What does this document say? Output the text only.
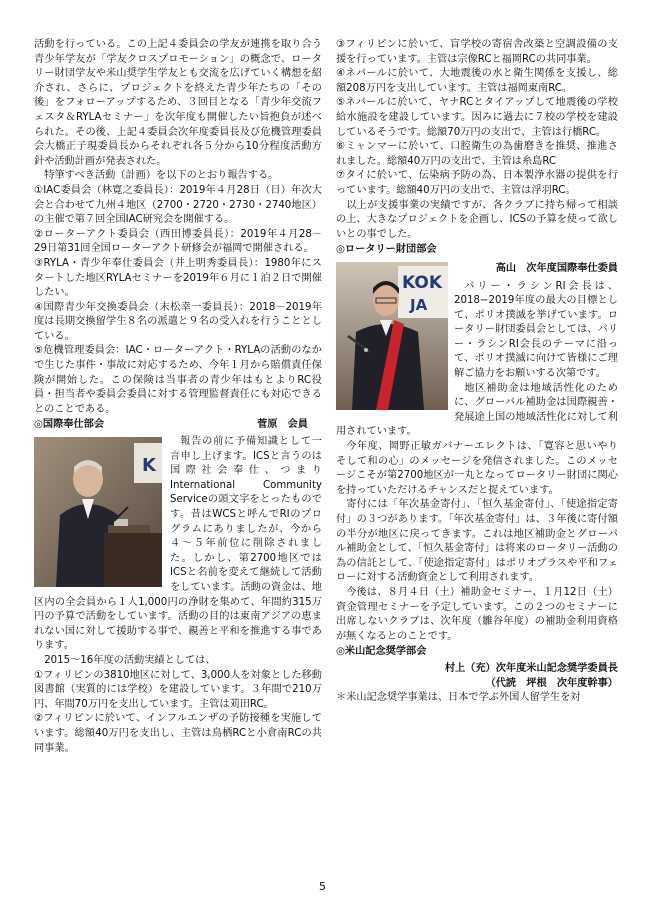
活動を行っている。この上記４委員会の学友が連携を取り合う青少年学友が「学友クロスプロモーション」の概念で、ロータリー財団学友や米山奨学生学友とも交流を広げていく構想を紹介され、さらに、プロジェクトを終えた青少年たちの「その後」をフォローアップするため、３回目となる「青少年交流フェスタ＆RYLAセミナー」を次年度も開催したい旨抱負が述べられた。その後、上記４委員会次年度委員長及び危機管理委員会大橋正子現委員長からそれぞれ各５分から10分程度活動方針や活動計画が発表された。

特筆すべき活動（計画）を以下のとおり報告する。

①IAC委員会（林寛之委員長）：2019年４月28日（日）年次大会と合わせて九州４地区（2700・2720・2730・2740地区）の主催で第７回全国IAC研究会を開催する。

②ローターアクト委員会（西田博委員長）：2019年４月28－29日第31回全国ローターアクト研修会が福岡で開催される。

③RYLA・青少年奉仕委員会（井上明秀委員長）：1980年にスタートした地区RYLAセミナーを2019年６月に１泊２日で開催したい。

④国際青少年交換委員会（末松幸一委員長）：2018－2019年度は長期交換留学生８名の派遣と９名の受入れを行うこととしている。

⑤危機管理委員会：IAC・ローターアクト・RYLAの活動のなかで生じた事件・事故に対応するため、今年１月から賠償責任保険が開始した。この保険は当事者の青少年はもとよりRC役員・担当者や委員会委員に対する管理監督責任にも対応できるとのことである。

◎国際奉仕部会	菅原　会員
K

報告の前に予備知識として一言申し上げます。ICSと言うのは国際社会奉仕、つまりInternational Community Serviceの頭文字をとったものです。昔はWCSと呼んでRIのプログラムにありましたが、今から４〜５年前位に削除されました。しかし、第2700地区ではICSと名前を変えて継続して活動をしています。活動の資金は、地区内の全会員から１人1,000円の浄財を集めて、年間約315万円の予算で活動をしています。活動の目的は東南アジアの恵まれない国に対して援助する事で、親善と平和を推進する事であります。

2015〜16年度の活動実績としては、

①フィリピンの3810地区に対して、3,000人を対象とした移動図書館（実質的には学校）を建設しています。３年間で210万円、年間70万円を支出しています。主管は苅田RC。

②フィリピンに於いて、インフルエンザの予防接種を実施しています。総額40万円を支出し、主管は鳥栖RCと小倉南RCの共同事業。

③フィリピンに於いて、盲学校の寄宿舎改築と空調設備の支援を行っています。主管は宗像RCと福岡RCの共同事業。

④ネパールに於いて、大地震後の水と衛生関係を支援し、総額208万円を支出しています。主管は福岡東南RC。

⑤ネパールに於いて、ヤナRCとタイアップして地震後の学校給水施設を建設しています。因みに過去に７校の学校を建設しているそうです。総額70万円の支出で、主管は行橋RC。

⑥ミャンマーに於いて、口腔衛生の為歯磨きを推奨、推進されました。総額40万円の支出で、主管は糸島RC

⑦タイに於いて、伝染病予防の為、日本製浄水器の提供を行っています。総額40万円の支出で、主管は浮羽RC。

以上が支援事業の実績ですが、各クラブに持ち帰って相談の上、大きなプロジェクトを企画し、ICSの予算を使って欲しいとの事でした。

◎ロータリー財団部会
KOK
JA
高山　次年度国際奉仕委員

バリー・ラシンRI会長は、2018−2019年度の最大の目標として、ポリオ撲滅を挙げています。ロータリー財団委員会としては、バリー・ラシンRI会長のテーマに沿って、ポリオ撲滅に向けて皆様にご理解ご協力をお願いする次第です。

地区補助金は地域活性化のために、グローバル補助金は国際親善・発展途上国の地域活性化に対して利用されています。

今年度、岡野正敏ガバナーエレクトは、「寛容と思いやり　そして和の心」のメッセージを発信されました。このメッセージこそが第2700地区が一丸となってロータリー財団に関心を持っていただけるチャンスだと捉えています。

寄付には「年次基金寄付」、「恒久基金寄付」、「使途指定寄付」の３つがあります。「年次基金寄付」は、３年後に寄付額の半分が地区に戻ってきます。これは地区補助金とグローバル補助金として、「恒久基金寄付」は将来のロータリー活動の為の信託として、「使途指定寄付」はポリオプラスや平和フェローに対する活動資金として利用されます。

今後は、８月４日（土）補助金セミナー、１月12日（土）資金管理セミナーを予定しています。この２つのセミナーに出席しないクラブは、次年度（雛谷年度）の補助金利用資格が無くなるとのことです。

◎米山記念奨学部会
村上（充）次年度米山記念奨学委員長
（代読　坪根　次年度幹事）

＊米山記念奨学事業は、日本で学ぶ外国人留学生を対

5
